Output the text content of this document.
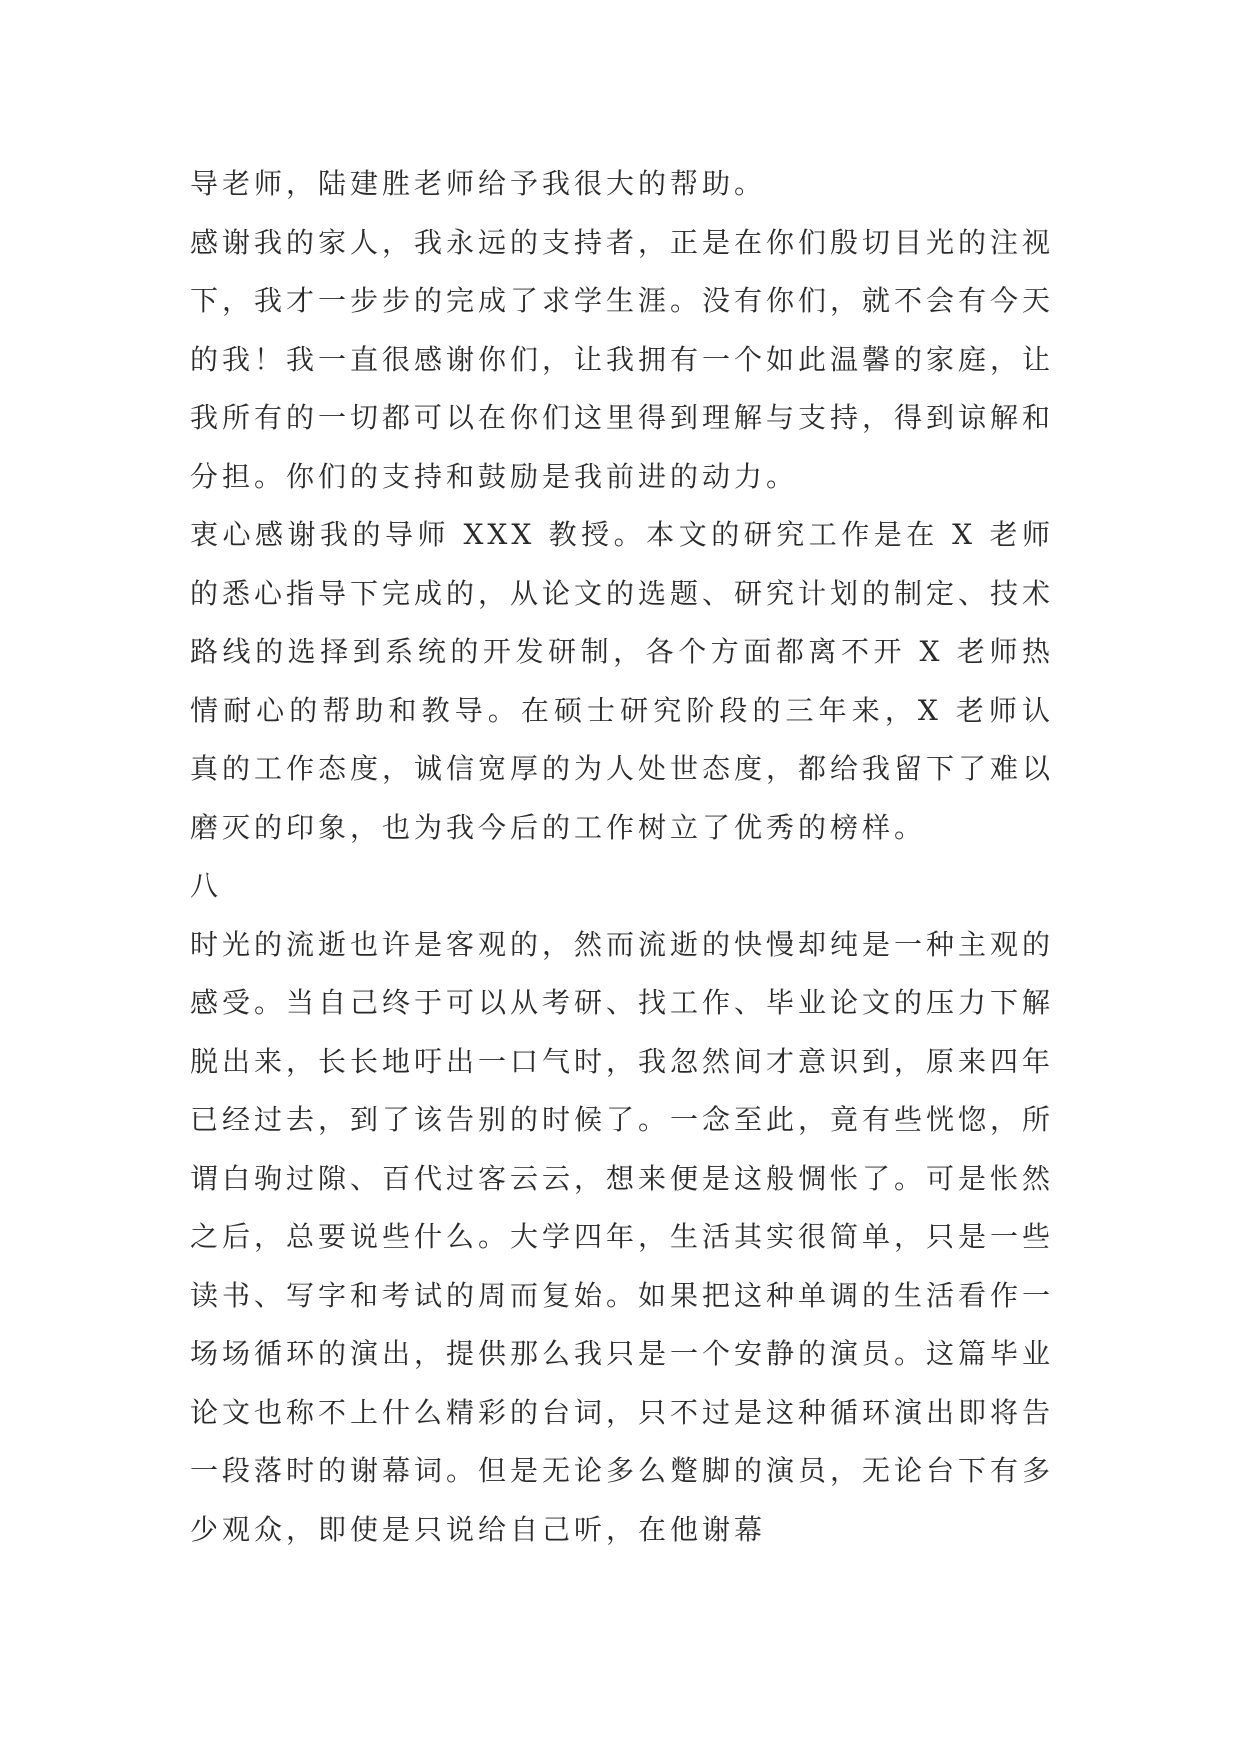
导老师，陆建胜老师给予我很大的帮助。

感谢我的家人，我永远的支持者，正是在你们殷切目光的注视下，我才一步步的完成了求学生涯。没有你们，就不会有今天的我！我一直很感谢你们，让我拥有一个如此温馨的家庭，让我所有的一切都可以在你们这里得到理解与支持，得到谅解和分担。你们的支持和鼓励是我前进的动力。

衷心感谢我的导师 XXX 教授。本文的研究工作是在 X 老师的悉心指导下完成的，从论文的选题、研究计划的制定、技术路线的选择到系统的开发研制，各个方面都离不开 X 老师热情耐心的帮助和教导。在硕士研究阶段的三年来，X 老师认真的工作态度，诚信宽厚的为人处世态度，都给我留下了难以磨灭的印象，也为我今后的工作树立了优秀的榜样。

八

时光的流逝也许是客观的，然而流逝的快慢却纯是一种主观的感受。当自己终于可以从考研、找工作、毕业论文的压力下解脱出来，长长地吁出一口气时，我忽然间才意识到，原来四年已经过去，到了该告别的时候了。一念至此，竟有些恍惚，所谓白驹过隙、百代过客云云，想来便是这般惆怅了。可是怅然之后，总要说些什么。大学四年，生活其实很简单，只是一些读书、写字和考试的周而复始。如果把这种单调的生活看作一场场循环的演出，提供那么我只是一个安静的演员。这篇毕业论文也称不上什么精彩的台词，只不过是这种循环演出即将告一段落时的谢幕词。但是无论多么蹩脚的演员，无论台下有多少观众，即使是只说给自己听，在他谢幕
